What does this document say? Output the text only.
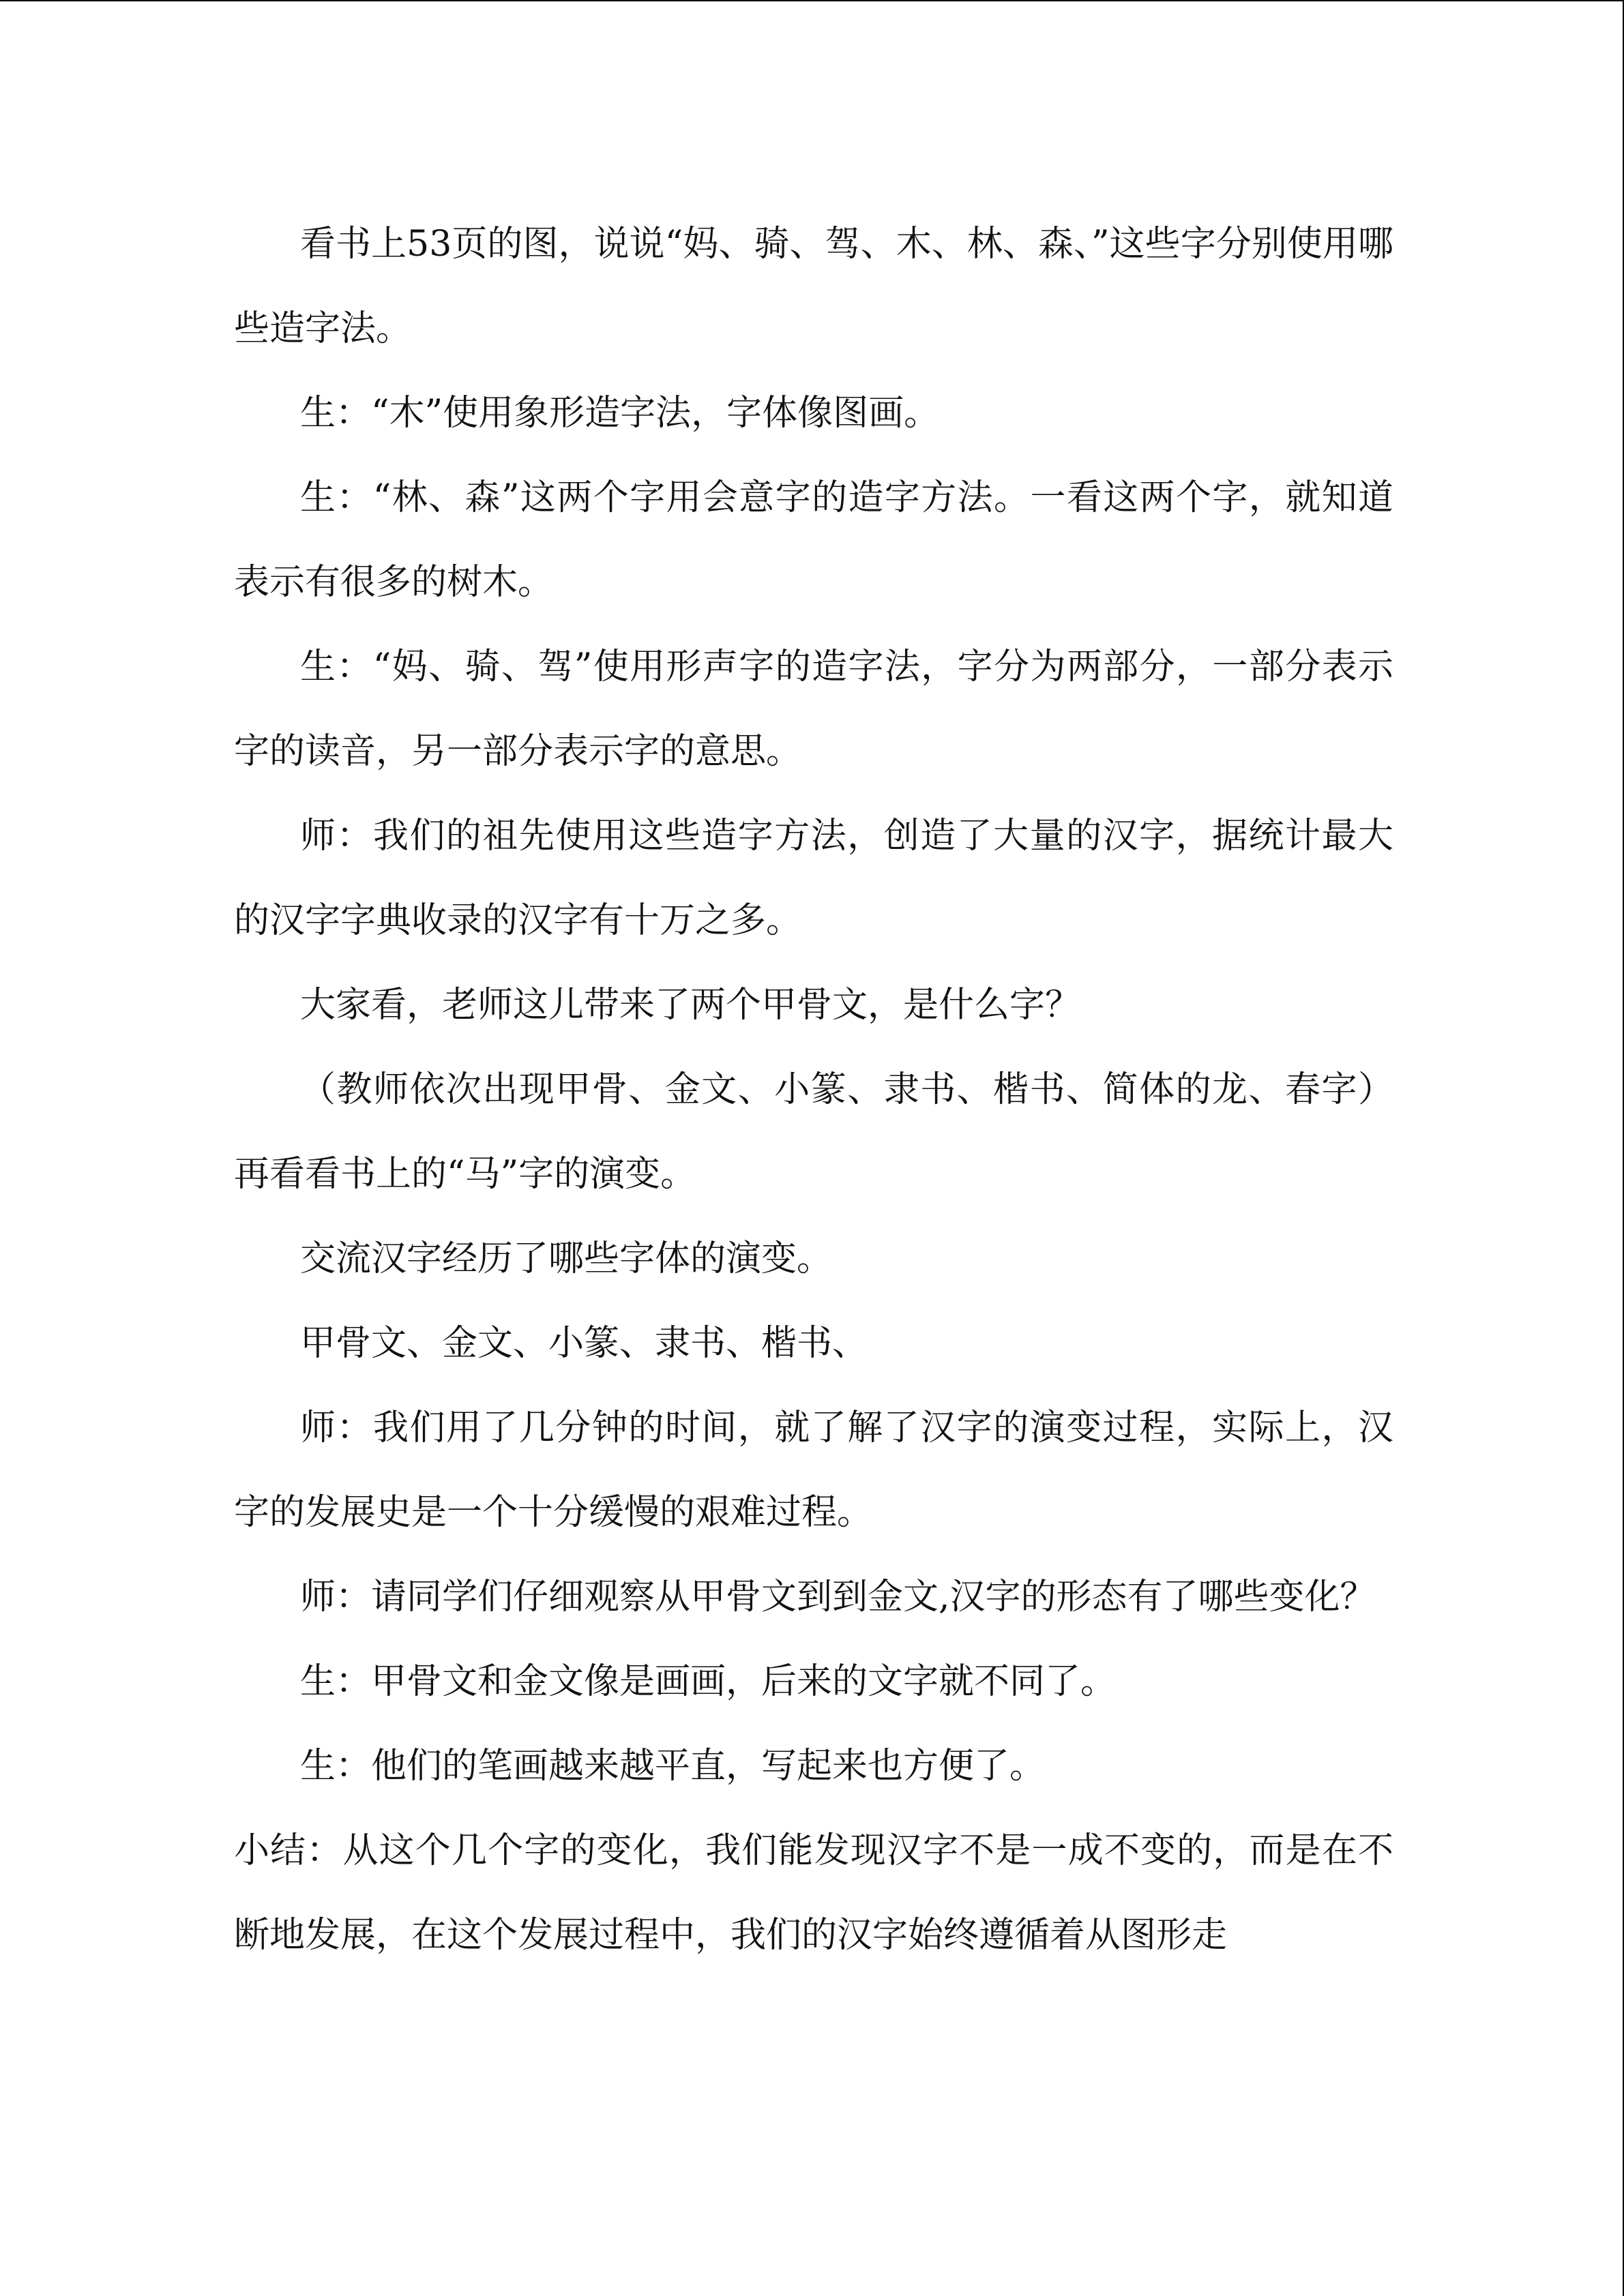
看书上53页的图，说说“妈、骑、驾、木、林、森、”这些字分别使用哪些造字法。

生：“木”使用象形造字法，字体像图画。

生：“林、森”这两个字用会意字的造字方法。一看这两个字，就知道表示有很多的树木。

生：“妈、骑、驾”使用形声字的造字法，字分为两部分，一部分表示字的读音，另一部分表示字的意思。

师：我们的祖先使用这些造字方法，创造了大量的汉字，据统计最大的汉字字典收录的汉字有十万之多。

大家看，老师这儿带来了两个甲骨文，是什么字？

（教师依次出现甲骨、金文、小篆、隶书、楷书、简体的龙、春字）再看看书上的“马”字的演变。

交流汉字经历了哪些字体的演变。

甲骨文、金文、小篆、隶书、楷书、

师：我们用了几分钟的时间，就了解了汉字的演变过程，实际上，汉字的发展史是一个十分缓慢的艰难过程。

师：请同学们仔细观察从甲骨文到到金文,汉字的形态有了哪些变化？

生：甲骨文和金文像是画画，后来的文字就不同了。

生：他们的笔画越来越平直，写起来也方便了。

小结：从这个几个字的变化，我们能发现汉字不是一成不变的，而是在不断地发展，在这个发展过程中，我们的汉字始终遵循着从图形走
